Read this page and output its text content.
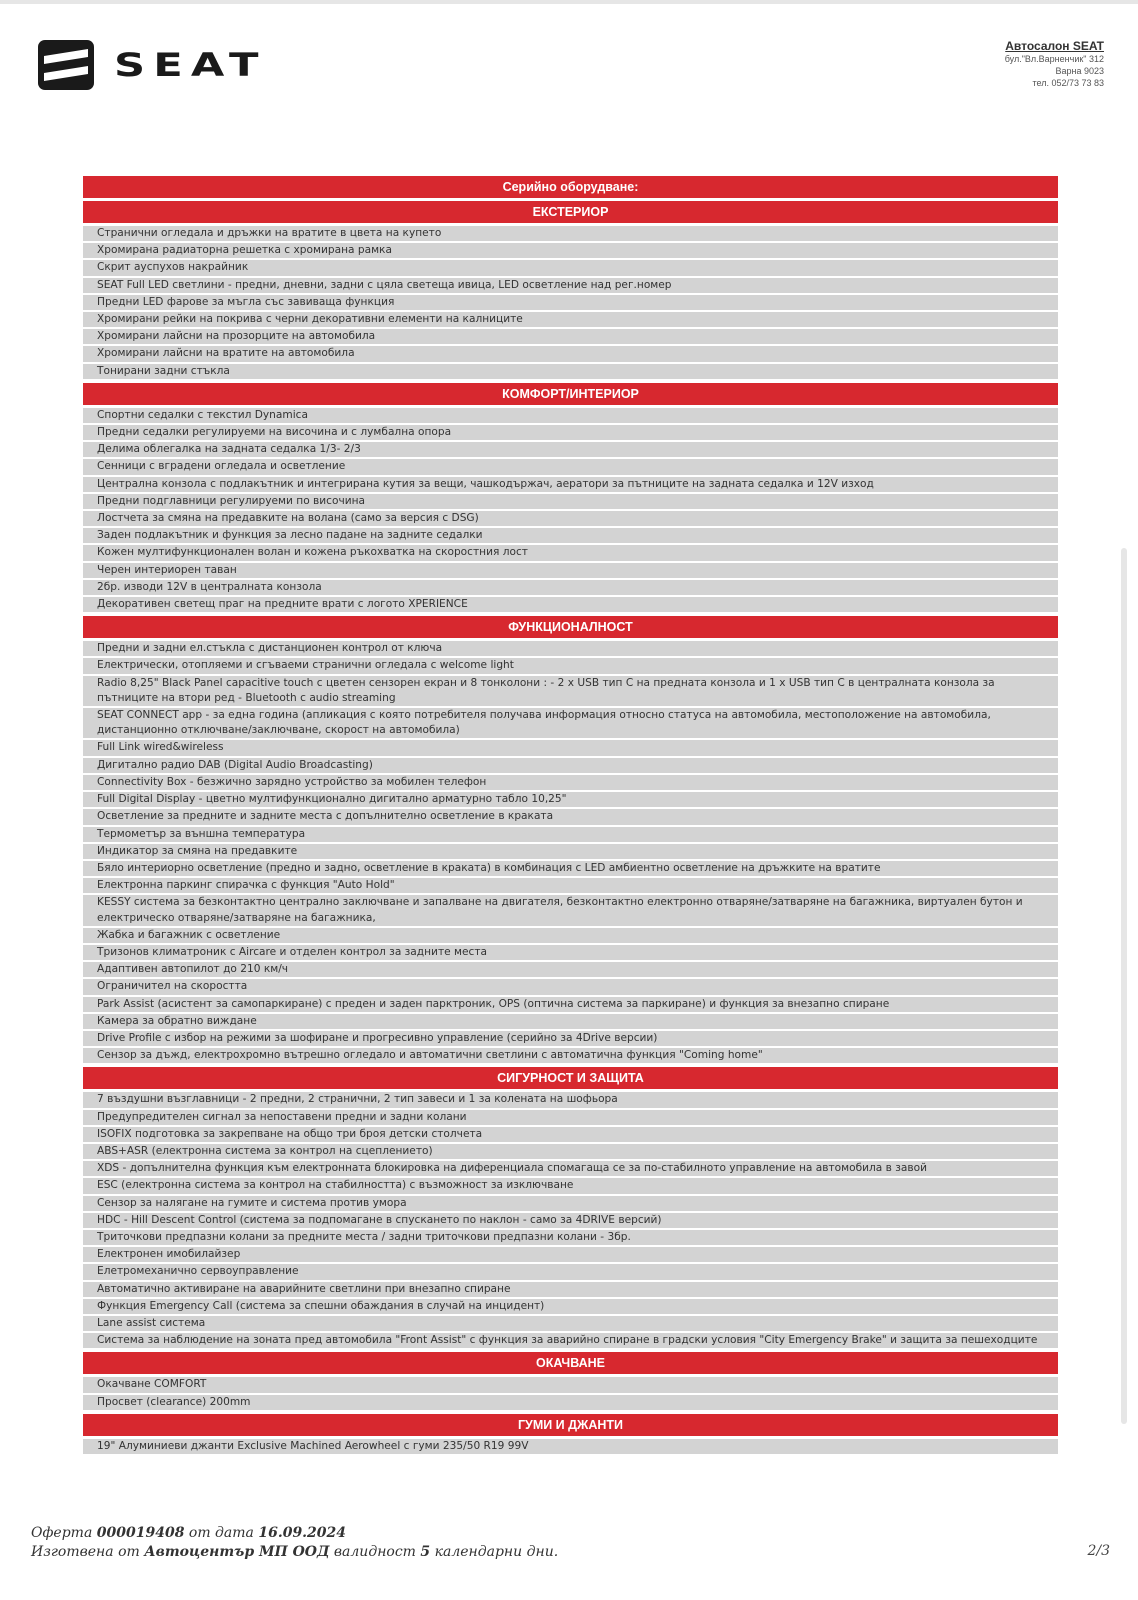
SEAT	Автосалон SEAT
бул."Вл.Варненчик" 312
Варна 9023
тел. 052/73 73 83
Серийно оборудване:
ЕКСТЕРИОР
Странични огледала и дръжки на вратите в цвета на купето
Хромирана радиаторна решетка с хромирана рамка
Скрит ауспухов накрайник
SEAT Full LED светлини - предни, дневни, задни с цяла светеща ивица, LED осветление над рег.номер
Предни LED фарове за мъгла със завиваща функция
Хромирани рейки на покрива с черни декоративни елементи на калниците
Хромирани лайсни на прозорците на автомобила
Хромирани лайсни на вратите на автомобила
Тонирани задни стъкла
КОМФОРТ/ИНТЕРИОР
Спортни седалки с текстил Dynamica
Предни седалки регулируеми на височина и с лумбална опора
Делима облегалка на задната седалка 1/3- 2/3
Сенници с вградени огледала и осветление
Централна конзола с подлакътник и интегрирана кутия за вещи, чашкодържач, аератори за пътниците на задната седалка и 12V изход
Предни подглавници регулируеми по височина
Лостчета за смяна на предавките на волана (само за версия с DSG)
Заден подлакътник и функция за лесно падане на задните седалки
Кожен мултифункционален волан и кожена ръкохватка на скоростния лост
Черен интериорен таван
2бр. изводи 12V в централната конзола
Декоративен светещ праг на предните врати с логото XPERIENCE
ФУНКЦИОНАЛНОСТ
Предни и задни ел.стъкла с дистанционен контрол от ключа
Електрически, отопляеми и сгъваеми странични огледала с welcome light
Radio 8,25" Black Panel capacitive touch с цветен сензорен екран и 8 тонколони : - 2 x USB тип C на предната конзола и 1 x USB тип C в централната конзола за пътниците на втори ред - Bluetooth с audio streaming
SEAT CONNECT app - за една година (апликация с която потребителя получава информация относно статуса на автомобила, местоположение на автомобила, дистанционно отключване/заключване, скорост на автомобила)
Full Link wired&wireless
Дигитално радио DAB (Digital Audio Broadcasting)
Connectivity Box - безжично зарядно устройство за мобилен телефон
Full Digital Display - цветно мултифункционално дигитално арматурно табло 10,25"
Осветление за предните и задните места с допълнително осветление в краката
Термометър за външна температура
Индикатор за смяна на предавките
Бяло интериорно осветление (предно и задно, осветление в краката) в комбинация с LED амбиентно осветление на дръжките на вратите
Електронна паркинг спирачка с функция "Auto Hold"
KESSY система за безконтактно централно заключване и запалване на двигателя, безконтактно електронно отваряне/затваряне на багажника, виртуален бутон и електрическо отваряне/затваряне на багажника,
Жабка и багажник с осветление
Тризонов климатроник с Aircare и отделен контрол за задните места
Адаптивен автопилот до 210 км/ч
Ограничител на скоростта
Park Assist (асистент за самопаркиране) с преден и заден парктроник, OPS (оптична система за паркиране) и функция за внезапно спиране
Камера за обратно виждане
Drive Profile с избор на режими за шофиране и прогресивно управление (серийно за 4Drive версии)
Сензор за дъжд, електрохромно вътрешно огледало и автоматични светлини с автоматична функция "Coming home"
СИГУРНОСТ И ЗАЩИТА
7 въздушни възглавници - 2 предни, 2 странични, 2 тип завеси и 1 за колената на шофьора
Предупредителен сигнал за непоставени предни и задни колани
ISOFIX подготовка за закрепване на общо три броя детски столчета
ABS+ASR (електронна система за контрол на сцеплението)
XDS - допълнителна функция към електронната блокировка на диференциала спомагаща се за по-стабилното управление на автомобила в завой
ESC (електронна система за контрол на стабилността) с възможност за изключване
Сензор за налягане на гумите и система против умора
HDC - Hill Descent Control (система за подпомагане в спускането по наклон - само за 4DRIVE версий)
Триточкови предпазни колани за предните места / задни триточкови предпазни колани - 3бр.
Електронен имобилайзер
Елетромеханично сервоуправление
Автоматично активиране на аварийните светлини при внезапно спиране
Функция Emergency Call (система за спешни обаждания в случай на инцидент)
Lane assist система
Система за наблюдение на зоната пред автомобила "Front Assist" с функция за аварийно спиране в градски условия "City Emergency Brake" и защита за пешеходците
ОКАЧВАНЕ
Окачване COMFORT
Просвет (clearance) 200mm
ГУМИ И ДЖАНТИ
19" Алуминиеви джанти Exclusive Machined Aerowheel с гуми 235/50 R19 99V
Оферта 000019408 от дата 16.09.2024
Изготвена от Автоцентър МП ООД валидност 5 календарни дни.	2/3
